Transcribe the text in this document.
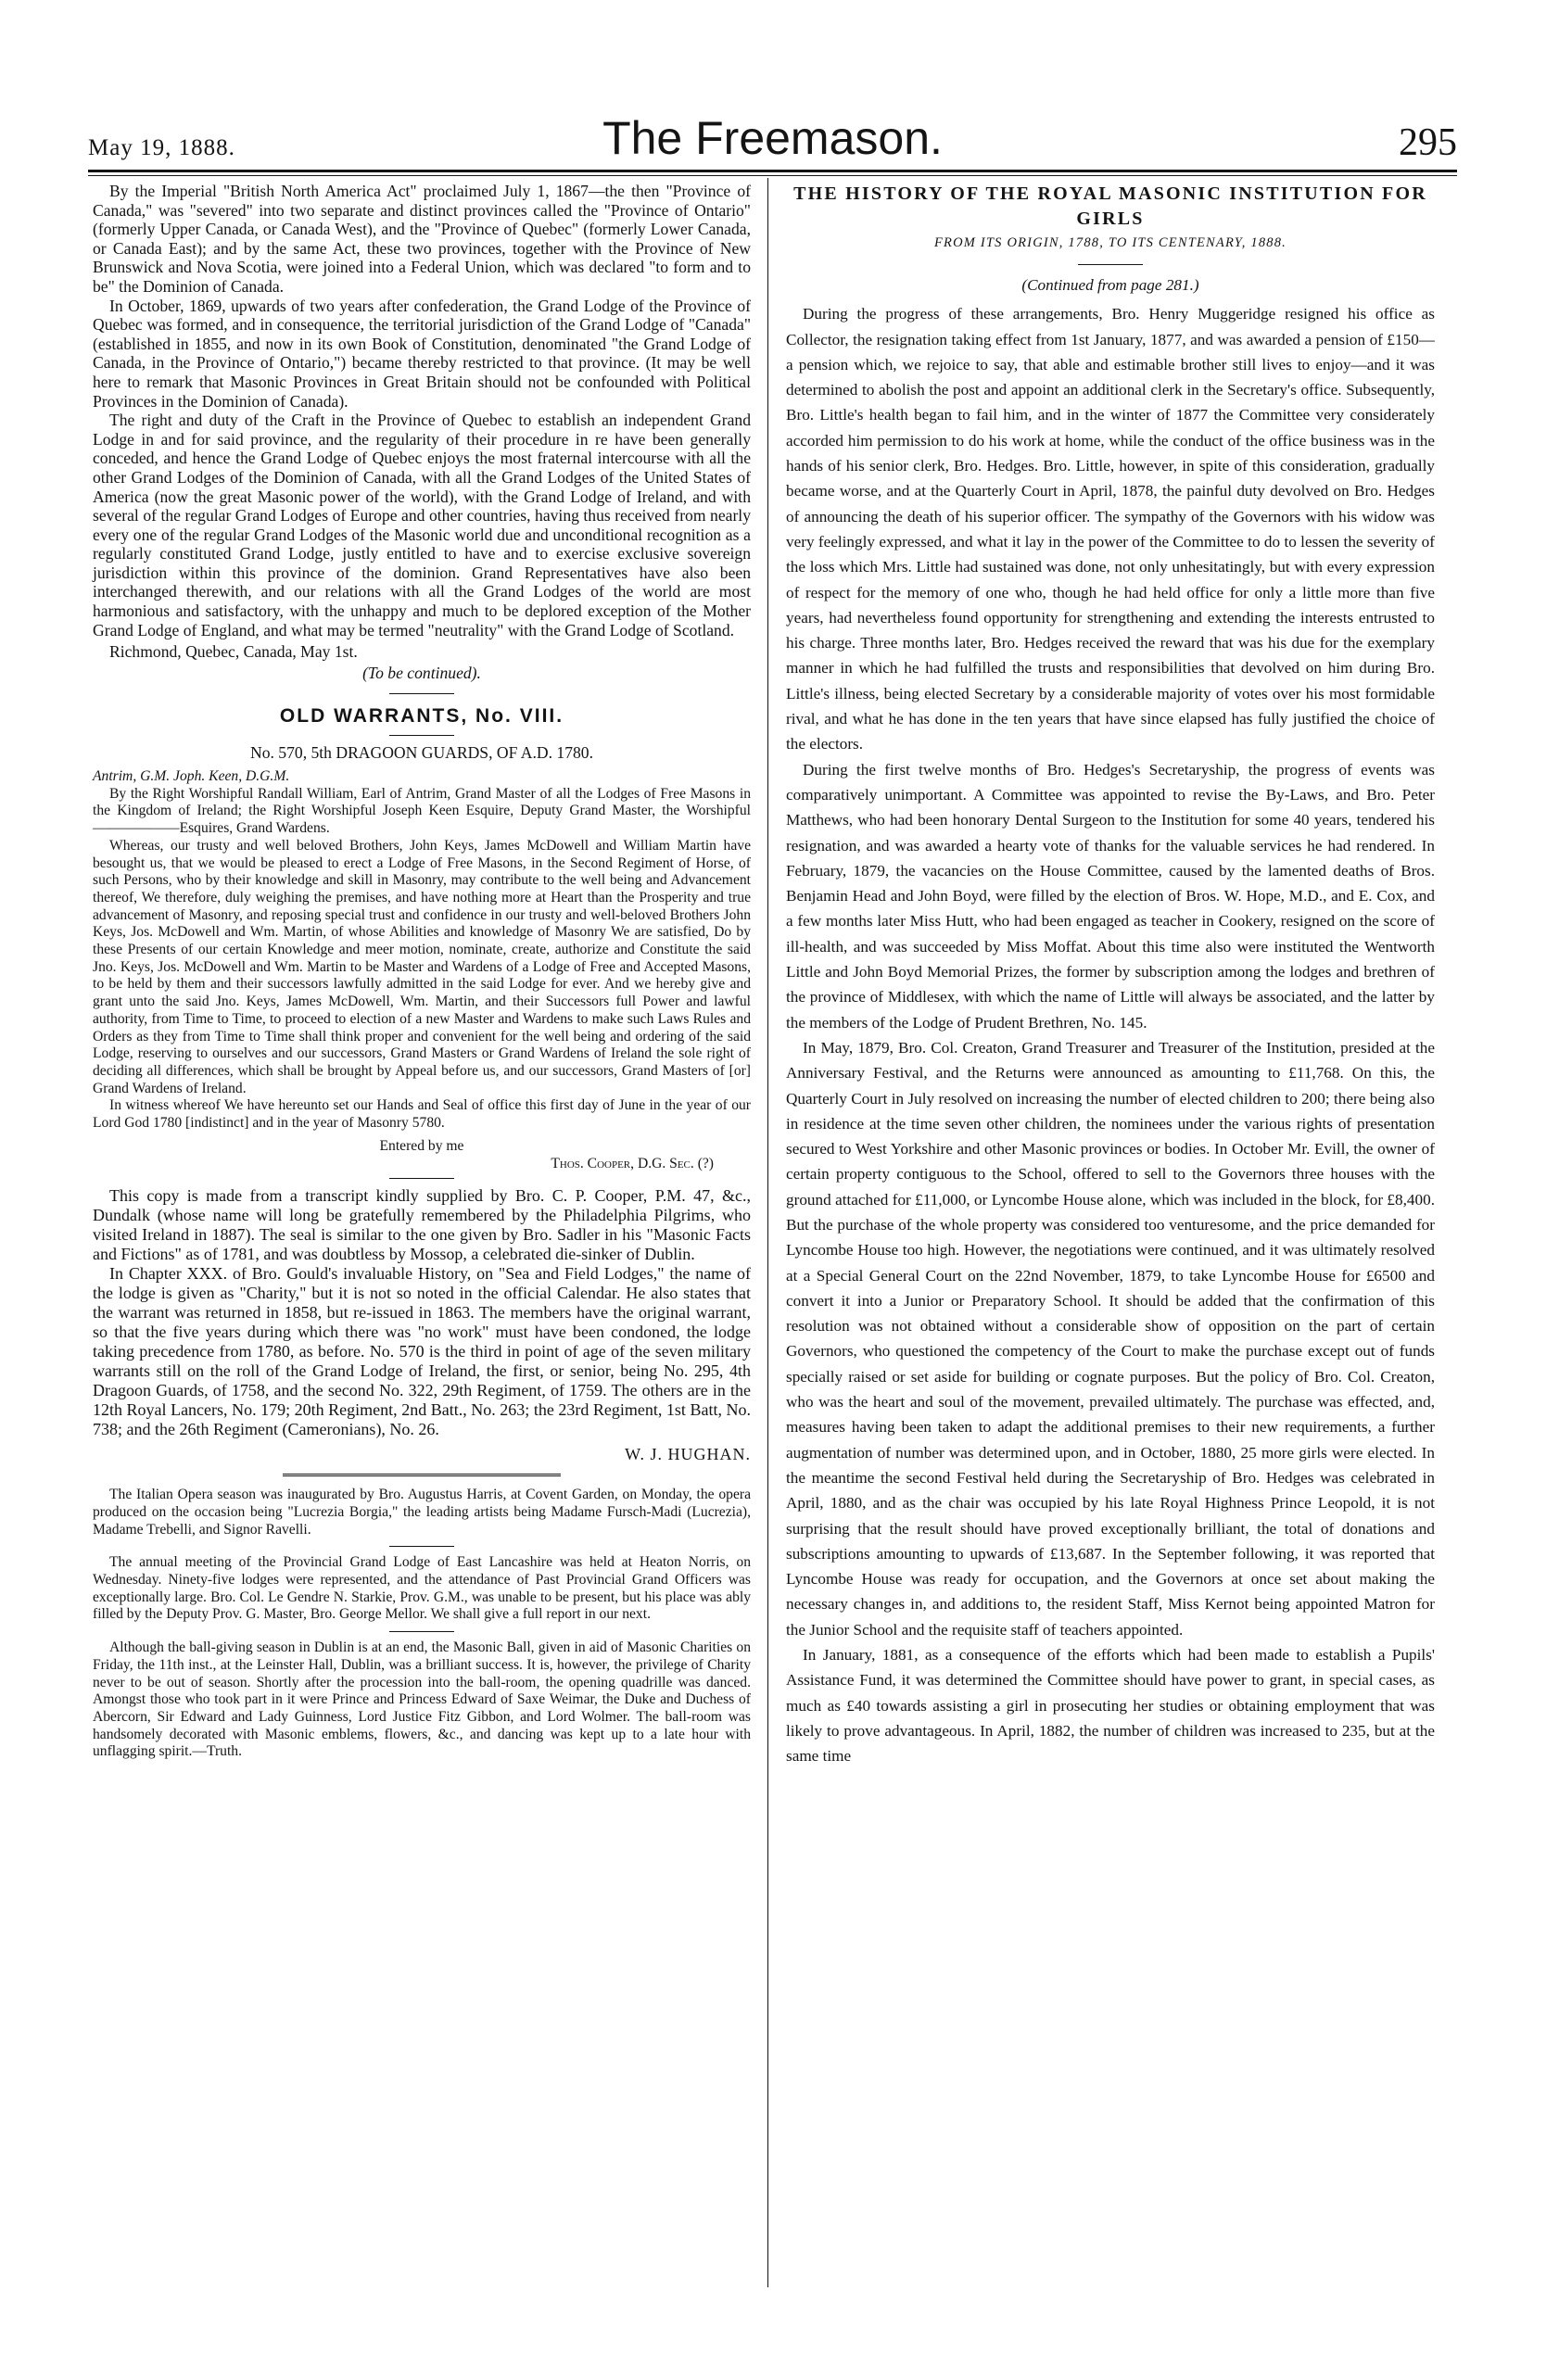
May 19, 1888.	The Freemason.	295

By the Imperial "British North America Act" proclaimed July 1, 1867—the then "Province of Canada," was "severed" into two separate and distinct provinces called the "Province of Ontario" (formerly Upper Canada, or Canada West), and the "Province of Quebec" (formerly Lower Canada, or Canada East); and by the same Act, these two provinces, together with the Province of New Brunswick and Nova Scotia, were joined into a Federal Union, which was declared "to form and to be" the Dominion of Canada.

In October, 1869, upwards of two years after confederation, the Grand Lodge of the Province of Quebec was formed, and in consequence, the territorial jurisdiction of the Grand Lodge of "Canada" (established in 1855, and now in its own Book of Constitution, denominated "the Grand Lodge of Canada, in the Province of Ontario,") became thereby restricted to that province. (It may be well here to remark that Masonic Provinces in Great Britain should not be confounded with Political Provinces in the Dominion of Canada).

The right and duty of the Craft in the Province of Quebec to establish an independent Grand Lodge in and for said province, and the regularity of their procedure in re have been generally conceded, and hence the Grand Lodge of Quebec enjoys the most fraternal intercourse with all the other Grand Lodges of the Dominion of Canada, with all the Grand Lodges of the United States of America (now the great Masonic power of the world), with the Grand Lodge of Ireland, and with several of the regular Grand Lodges of Europe and other countries, having thus received from nearly every one of the regular Grand Lodges of the Masonic world due and unconditional recognition as a regularly constituted Grand Lodge, justly entitled to have and to exercise exclusive sovereign jurisdiction within this province of the dominion. Grand Representatives have also been interchanged therewith, and our relations with all the Grand Lodges of the world are most harmonious and satisfactory, with the unhappy and much to be deplored exception of the Mother Grand Lodge of England, and what may be termed "neutrality" with the Grand Lodge of Scotland.

Richmond, Quebec, Canada, May 1st.

(To be continued).

OLD WARRANTS, No. VIII.

No. 570, 5th DRAGOON GUARDS, OF A.D. 1780.

Antrim, G.M. Joph. Keen, D.G.M.

By the Right Worshipful Randall William, Earl of Antrim, Grand Master of all the Lodges of Free Masons in the Kingdom of Ireland; the Right Worshipful Joseph Keen Esquire, Deputy Grand Master, the Worshipful——————Esquires, Grand Wardens.

Whereas, our trusty and well beloved Brothers, John Keys, James McDowell and William Martin have besought us, that we would be pleased to erect a Lodge of Free Masons, in the Second Regiment of Horse, of such Persons, who by their knowledge and skill in Masonry, may contribute to the well being and Advancement thereof, We therefore, duly weighing the premises, and have nothing more at Heart than the Prosperity and true advancement of Masonry, and reposing special trust and confidence in our trusty and well-beloved Brothers John Keys, Jos. McDowell and Wm. Martin, of whose Abilities and knowledge of Masonry We are satisfied, Do by these Presents of our certain Knowledge and meer motion, nominate, create, authorize and Constitute the said Jno. Keys, Jos. McDowell and Wm. Martin to be Master and Wardens of a Lodge of Free and Accepted Masons, to be held by them and their successors lawfully admitted in the said Lodge for ever. And we hereby give and grant unto the said Jno. Keys, James McDowell, Wm. Martin, and their Successors full Power and lawful authority, from Time to Time, to proceed to election of a new Master and Wardens to make such Laws Rules and Orders as they from Time to Time shall think proper and convenient for the well being and ordering of the said Lodge, reserving to ourselves and our successors, Grand Masters or Grand Wardens of Ireland the sole right of deciding all differences, which shall be brought by Appeal before us, and our successors, Grand Masters of [or] Grand Wardens of Ireland.

In witness whereof We have hereunto set our Hands and Seal of office this first day of June in the year of our Lord God 1780 [indistinct] and in the year of Masonry 5780.

Entered by me

Thos. Cooper, D.G. Sec. (?)

This copy is made from a transcript kindly supplied by Bro. C. P. Cooper, P.M. 47, &c., Dundalk (whose name will long be gratefully remembered by the Philadelphia Pilgrims, who visited Ireland in 1887). The seal is similar to the one given by Bro. Sadler in his "Masonic Facts and Fictions" as of 1781, and was doubtless by Mossop, a celebrated die-sinker of Dublin.

In Chapter XXX. of Bro. Gould's invaluable History, on "Sea and Field Lodges," the name of the lodge is given as "Charity," but it is not so noted in the official Calendar. He also states that the warrant was returned in 1858, but re-issued in 1863. The members have the original warrant, so that the five years during which there was "no work" must have been condoned, the lodge taking precedence from 1780, as before. No. 570 is the third in point of age of the seven military warrants still on the roll of the Grand Lodge of Ireland, the first, or senior, being No. 295, 4th Dragoon Guards, of 1758, and the second No. 322, 29th Regiment, of 1759. The others are in the 12th Royal Lancers, No. 179; 20th Regiment, 2nd Batt., No. 263; the 23rd Regiment, 1st Batt, No. 738; and the 26th Regiment (Cameronians), No. 26.

W. J. HUGHAN.

The Italian Opera season was inaugurated by Bro. Augustus Harris, at Covent Garden, on Monday, the opera produced on the occasion being "Lucrezia Borgia," the leading artists being Madame Fursch-Madi (Lucrezia), Madame Trebelli, and Signor Ravelli.

The annual meeting of the Provincial Grand Lodge of East Lancashire was held at Heaton Norris, on Wednesday. Ninety-five lodges were represented, and the attendance of Past Provincial Grand Officers was exceptionally large. Bro. Col. Le Gendre N. Starkie, Prov. G.M., was unable to be present, but his place was ably filled by the Deputy Prov. G. Master, Bro. George Mellor. We shall give a full report in our next.

Although the ball-giving season in Dublin is at an end, the Masonic Ball, given in aid of Masonic Charities on Friday, the 11th inst., at the Leinster Hall, Dublin, was a brilliant success. It is, however, the privilege of Charity never to be out of season. Shortly after the procession into the ball-room, the opening quadrille was danced. Amongst those who took part in it were Prince and Princess Edward of Saxe Weimar, the Duke and Duchess of Abercorn, Sir Edward and Lady Guinness, Lord Justice Fitz Gibbon, and Lord Wolmer. The ball-room was handsomely decorated with Masonic emblems, flowers, &c., and dancing was kept up to a late hour with unflagging spirit.—Truth.

THE HISTORY OF THE ROYAL MASONIC INSTITUTION FOR GIRLS
FROM ITS ORIGIN, 1788, TO ITS CENTENARY, 1888.

(Continued from page 281.)

During the progress of these arrangements, Bro. Henry Muggeridge resigned his office as Collector, the resignation taking effect from 1st January, 1877, and was awarded a pension of £150—a pension which, we rejoice to say, that able and estimable brother still lives to enjoy—and it was determined to abolish the post and appoint an additional clerk in the Secretary's office. Subsequently, Bro. Little's health began to fail him, and in the winter of 1877 the Committee very considerately accorded him permission to do his work at home, while the conduct of the office business was in the hands of his senior clerk, Bro. Hedges. Bro. Little, however, in spite of this consideration, gradually became worse, and at the Quarterly Court in April, 1878, the painful duty devolved on Bro. Hedges of announcing the death of his superior officer. The sympathy of the Governors with his widow was very feelingly expressed, and what it lay in the power of the Committee to do to lessen the severity of the loss which Mrs. Little had sustained was done, not only unhesitatingly, but with every expression of respect for the memory of one who, though he had held office for only a little more than five years, had nevertheless found opportunity for strengthening and extending the interests entrusted to his charge. Three months later, Bro. Hedges received the reward that was his due for the exemplary manner in which he had fulfilled the trusts and responsibilities that devolved on him during Bro. Little's illness, being elected Secretary by a considerable majority of votes over his most formidable rival, and what he has done in the ten years that have since elapsed has fully justified the choice of the electors.

During the first twelve months of Bro. Hedges's Secretaryship, the progress of events was comparatively unimportant. A Committee was appointed to revise the By-Laws, and Bro. Peter Matthews, who had been honorary Dental Surgeon to the Institution for some 40 years, tendered his resignation, and was awarded a hearty vote of thanks for the valuable services he had rendered. In February, 1879, the vacancies on the House Committee, caused by the lamented deaths of Bros. Benjamin Head and John Boyd, were filled by the election of Bros. W. Hope, M.D., and E. Cox, and a few months later Miss Hutt, who had been engaged as teacher in Cookery, resigned on the score of ill-health, and was succeeded by Miss Moffat. About this time also were instituted the Wentworth Little and John Boyd Memorial Prizes, the former by subscription among the lodges and brethren of the province of Middlesex, with which the name of Little will always be associated, and the latter by the members of the Lodge of Prudent Brethren, No. 145.

In May, 1879, Bro. Col. Creaton, Grand Treasurer and Treasurer of the Institution, presided at the Anniversary Festival, and the Returns were announced as amounting to £11,768. On this, the Quarterly Court in July resolved on increasing the number of elected children to 200; there being also in residence at the time seven other children, the nominees under the various rights of presentation secured to West Yorkshire and other Masonic provinces or bodies. In October Mr. Evill, the owner of certain property contiguous to the School, offered to sell to the Governors three houses with the ground attached for £11,000, or Lyncombe House alone, which was included in the block, for £8,400. But the purchase of the whole property was considered too venturesome, and the price demanded for Lyncombe House too high. However, the negotiations were continued, and it was ultimately resolved at a Special General Court on the 22nd November, 1879, to take Lyncombe House for £6500 and convert it into a Junior or Preparatory School. It should be added that the confirmation of this resolution was not obtained without a considerable show of opposition on the part of certain Governors, who questioned the competency of the Court to make the purchase except out of funds specially raised or set aside for building or cognate purposes. But the policy of Bro. Col. Creaton, who was the heart and soul of the movement, prevailed ultimately. The purchase was effected, and, measures having been taken to adapt the additional premises to their new requirements, a further augmentation of number was determined upon, and in October, 1880, 25 more girls were elected. In the meantime the second Festival held during the Secretaryship of Bro. Hedges was celebrated in April, 1880, and as the chair was occupied by his late Royal Highness Prince Leopold, it is not surprising that the result should have proved exceptionally brilliant, the total of donations and subscriptions amounting to upwards of £13,687. In the September following, it was reported that Lyncombe House was ready for occupation, and the Governors at once set about making the necessary changes in, and additions to, the resident Staff, Miss Kernot being appointed Matron for the Junior School and the requisite staff of teachers appointed.

In January, 1881, as a consequence of the efforts which had been made to establish a Pupils' Assistance Fund, it was determined the Committee should have power to grant, in special cases, as much as £40 towards assisting a girl in prosecuting her studies or obtaining employment that was likely to prove advantageous. In April, 1882, the number of children was increased to 235, but at the same time
